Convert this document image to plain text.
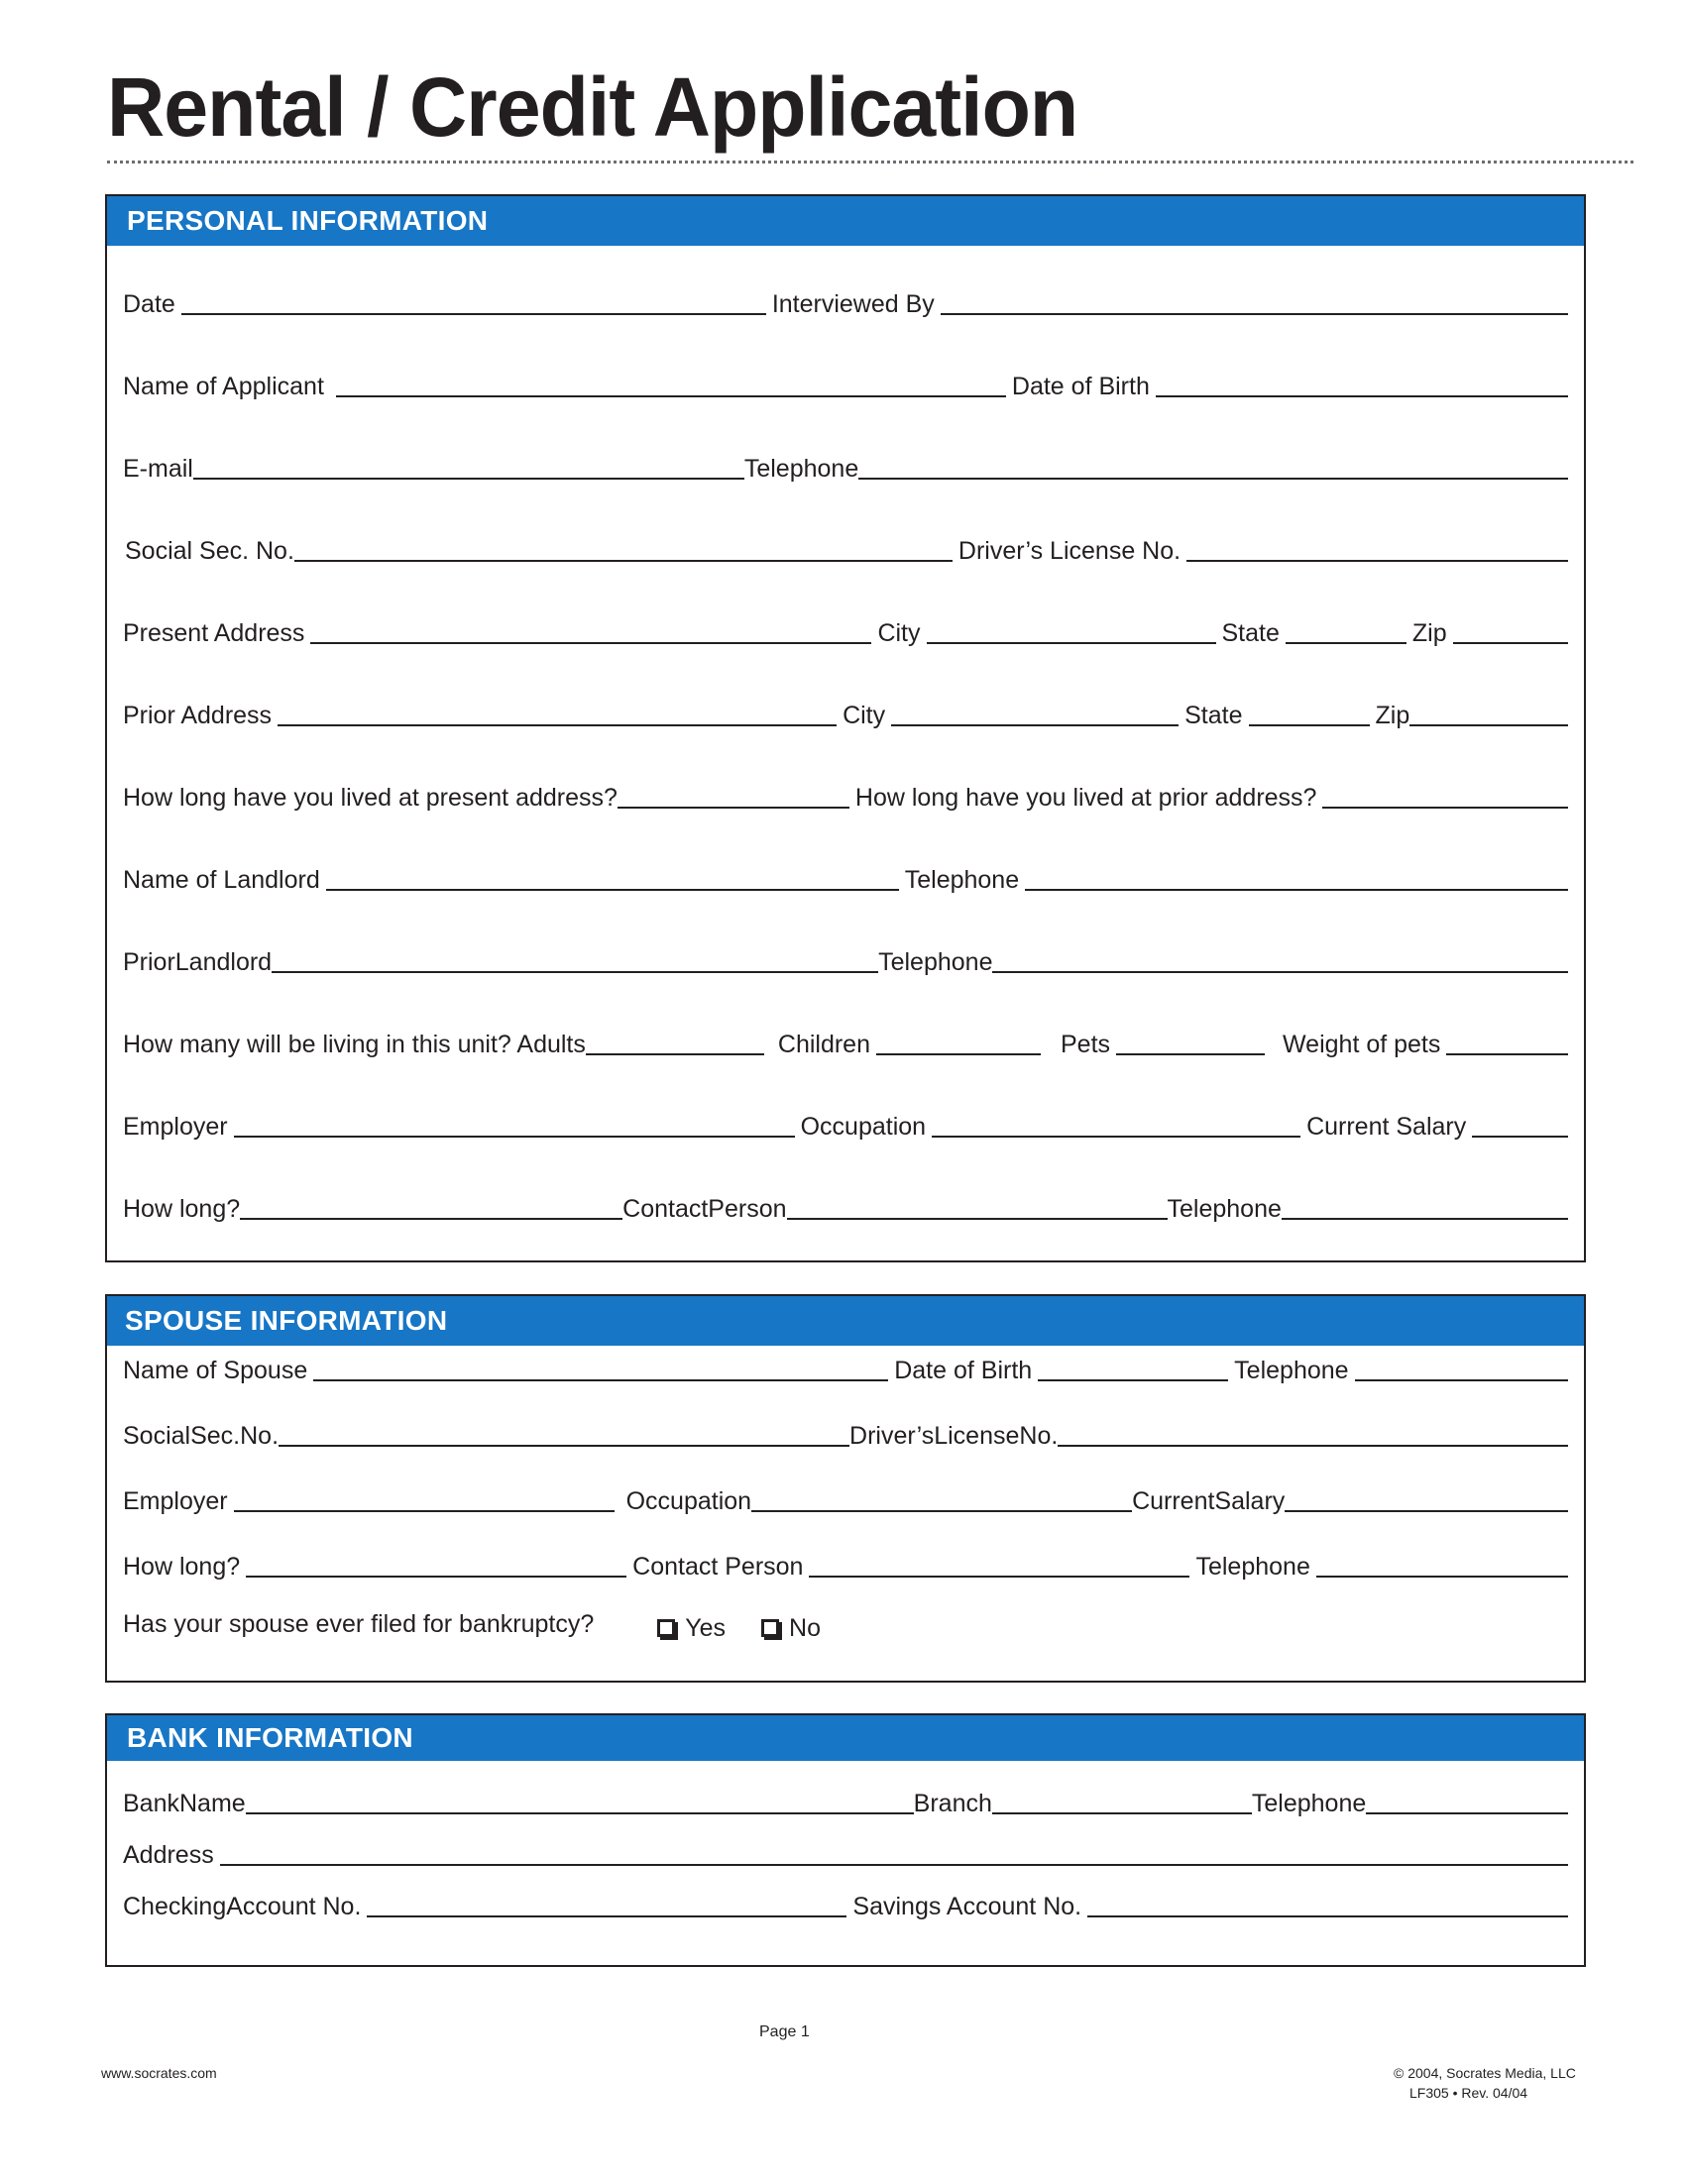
Rental / Credit Application
PERSONAL INFORMATION
Date	Interviewed By
Name of Applicant	Date of Birth
E-mail	Telephone
Social Sec. No.	Driver’s License No.
Present Address	City	State	Zip
Prior Address	City	State	Zip
How long have you lived at present address?	How long have you lived at prior address?
Name of Landlord	Telephone
PriorLandlord	Telephone
How many will be living in this unit? Adults	Children	Pets	Weight of pets
Employer	Occupation	Current Salary
How long?	ContactPerson	Telephone
SPOUSE INFORMATION
Name of Spouse	Date of Birth	Telephone
SocialSec.No.	Driver’sLicenseNo.
Employer	Occupation	CurrentSalary
How long?	Contact Person	Telephone
Has your spouse ever filed for bankruptcy?	Yes	No
BANK INFORMATION
BankName	Branch	Telephone
Address
CheckingAccount No.	Savings Account No.
Page 1
www.socrates.com	© 2004, Socrates Media, LLC
LF305 • Rev. 04/04
